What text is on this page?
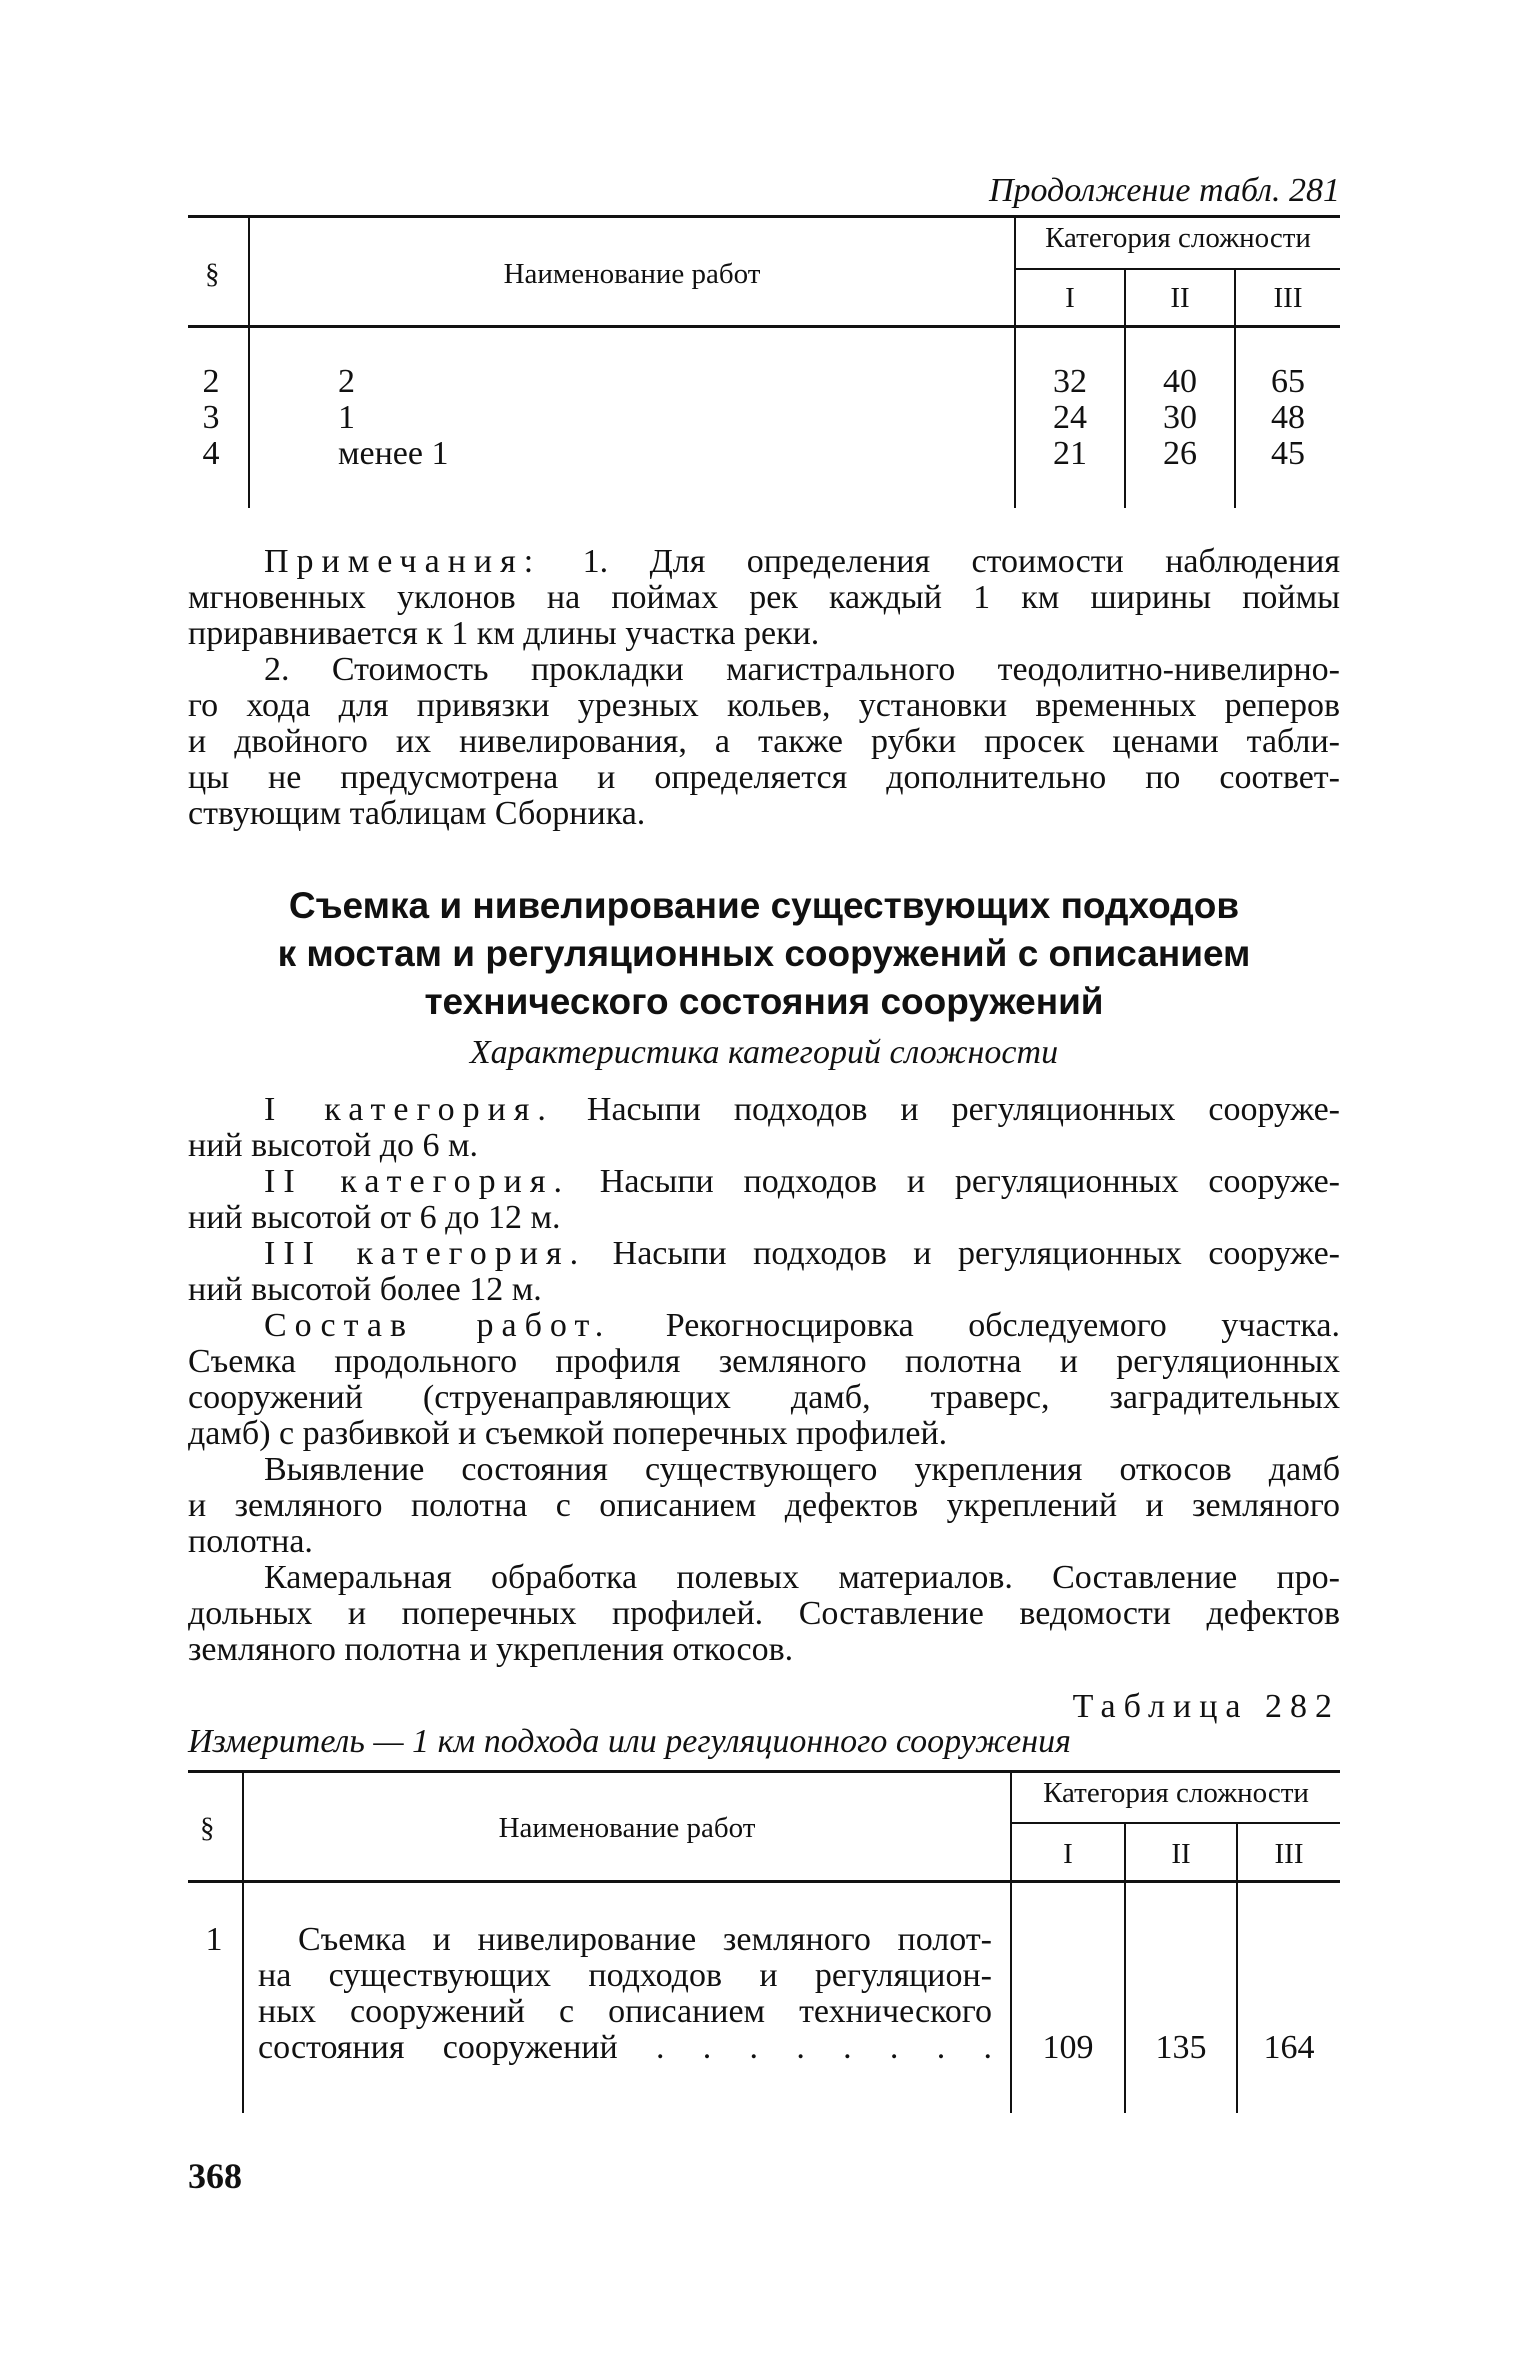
Продолжение табл. 281
§	Наименование работ
Категория сложности
I	II	III
2	2	32	40	65
3	1	24	30	48
4	менее 1	21	26	45
Примечания: 1. Для определения стоимости наблюдения
мгновенных уклонов на поймах рек каждый 1 км ширины поймы
приравнивается к 1 км длины участка реки.
2. Стоимость прокладки магистрального теодолитно-нивелирно-
го хода для привязки урезных кольев, установки временных реперов
и двойного их нивелирования, а также рубки просек ценами табли-
цы не предусмотрена и определяется дополнительно по соответ-
ствующим таблицам Сборника.
Съемка и нивелирование существующих подходов
к мостам и регуляционных сооружений с описанием
технического состояния сооружений
Характеристика категорий сложности
I категория. Насыпи подходов и регуляционных сооруже-
ний высотой до 6 м.
II категория. Насыпи подходов и регуляционных сооруже-
ний высотой от 6 до 12 м.
III категория. Насыпи подходов и регуляционных сооруже-
ний высотой более 12 м.
Состав работ. Рекогносцировка обследуемого участка.
Съемка продольного профиля земляного полотна и регуляционных
сооружений (струенаправляющих дамб, траверс, заградительных
дамб) с разбивкой и съемкой поперечных профилей.
Выявление состояния существующего укрепления откосов дамб
и земляного полотна с описанием дефектов укреплений и земляного
полотна.
Камеральная обработка полевых материалов. Составление про-
дольных и поперечных профилей. Составление ведомости дефектов
земляного полотна и укрепления откосов.
Таблица 282
Измеритель — 1 км подхода или регуляционного сооружения
§	Наименование работ
Категория сложности
I	II	III
1	Съемка и нивелирование земляного полот-
на существующих подходов и регуляцион-
ных сооружений с описанием технического
состояния сооружений . . . . . . . .	109	135	164
368
